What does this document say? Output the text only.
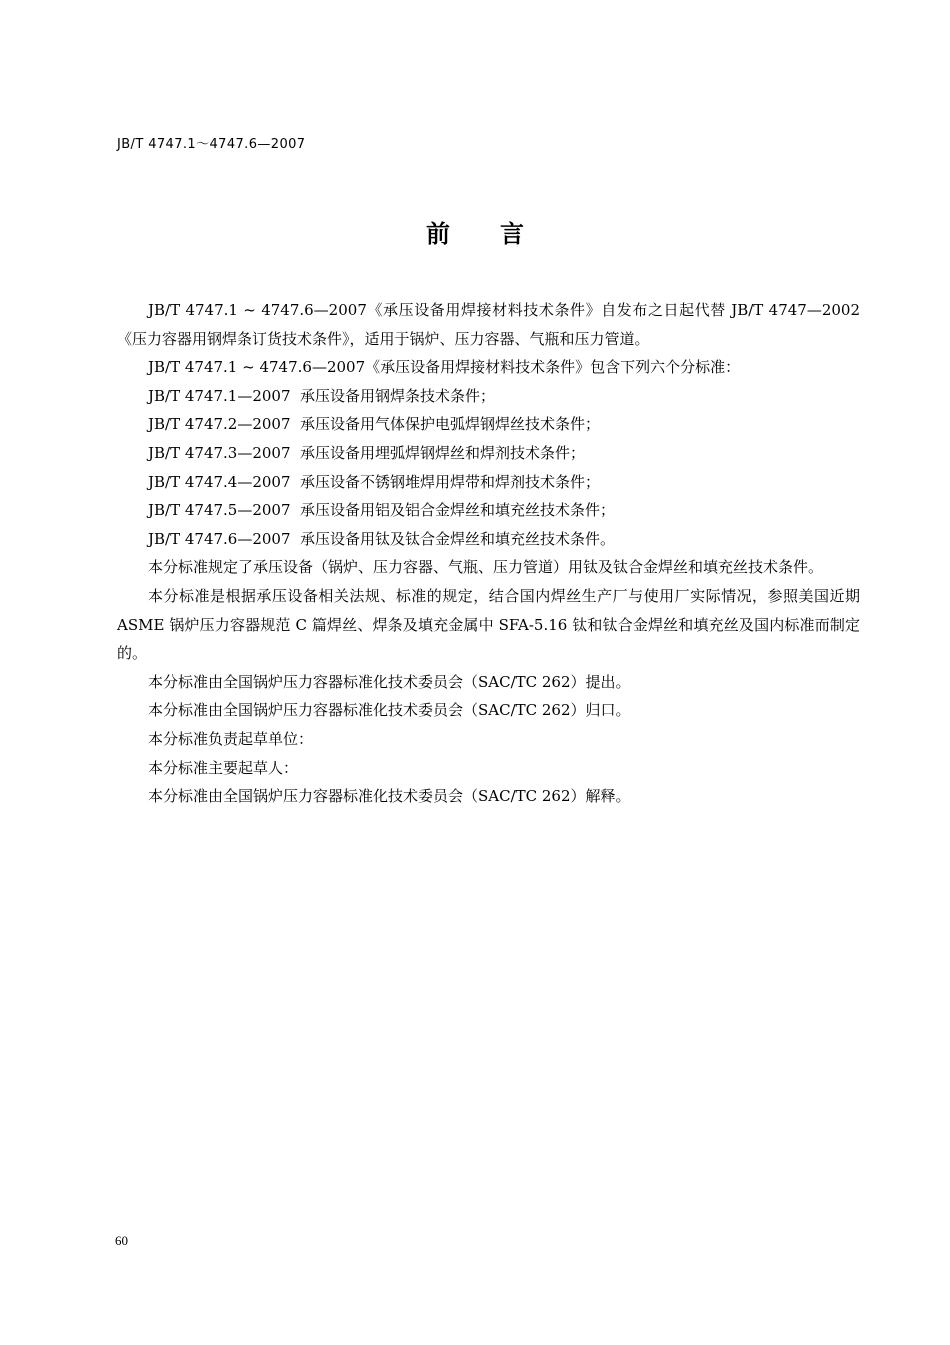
JB/T 4747.1～4747.6—2007
前 言

JB/T 4747.1 ~ 4747.6—2007《承压设备用焊接材料技术条件》自发布之日起代替 JB/T 4747—2002《压力容器用钢焊条订货技术条件》，适用于锅炉、压力容器、气瓶和压力管道。

JB/T 4747.1 ~ 4747.6—2007《承压设备用焊接材料技术条件》包含下列六个分标准：

JB/T 4747.1—2007  承压设备用钢焊条技术条件；

JB/T 4747.2—2007  承压设备用气体保护电弧焊钢焊丝技术条件；

JB/T 4747.3—2007  承压设备用埋弧焊钢焊丝和焊剂技术条件；

JB/T 4747.4—2007  承压设备不锈钢堆焊用焊带和焊剂技术条件；

JB/T 4747.5—2007  承压设备用铝及铝合金焊丝和填充丝技术条件；

JB/T 4747.6—2007  承压设备用钛及钛合金焊丝和填充丝技术条件。

本分标准规定了承压设备（锅炉、压力容器、气瓶、压力管道）用钛及钛合金焊丝和填充丝技术条件。

本分标准是根据承压设备相关法规、标准的规定，结合国内焊丝生产厂与使用厂实际情况，参照美国近期 ASME 锅炉压力容器规范 C 篇焊丝、焊条及填充金属中 SFA-5.16 钛和钛合金焊丝和填充丝及国内标准而制定的。

本分标准由全国锅炉压力容器标准化技术委员会（SAC/TC 262）提出。

本分标准由全国锅炉压力容器标准化技术委员会（SAC/TC 262）归口。

本分标准负责起草单位：

本分标准主要起草人：

本分标准由全国锅炉压力容器标准化技术委员会（SAC/TC 262）解释。

60
